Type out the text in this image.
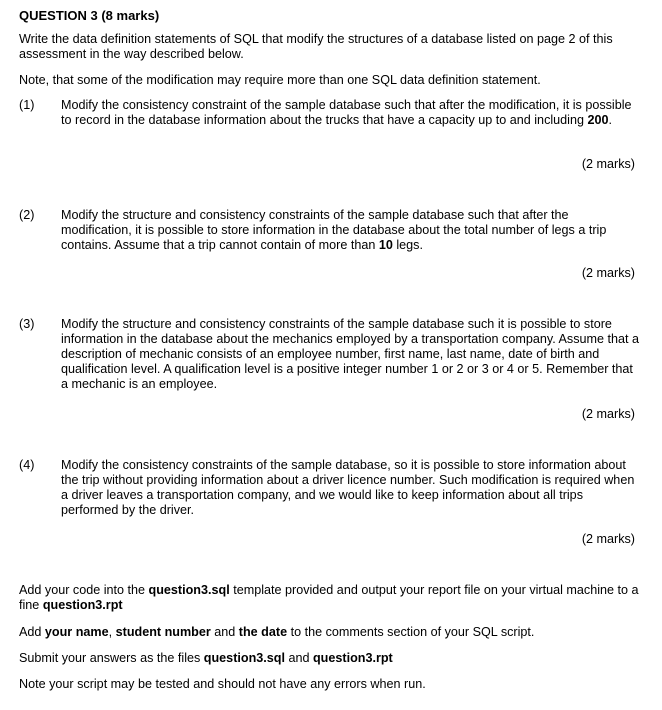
QUESTION 3 (8 marks)
Write the data definition statements of SQL that modify the structures of a database listed on page 2 of this assessment in the way described below.
Note, that some of the modification may require more than one SQL data definition statement.
(1) Modify the consistency constraint of the sample database such that after the modification, it is possible to record in the database information about the trucks that have a capacity up to and including 200.
(2 marks)
(2) Modify the structure and consistency constraints of the sample database such that after the modification, it is possible to store information in the database about the total number of legs a trip contains. Assume that a trip cannot contain of more than 10 legs.
(2 marks)
(3) Modify the structure and consistency constraints of the sample database such it is possible to store information in the database about the mechanics employed by a transportation company. Assume that a description of mechanic consists of an employee number, first name, last name, date of birth and qualification level. A qualification level is a positive integer number 1 or 2 or 3 or 4 or 5. Remember that a mechanic is an employee.
(2 marks)
(4) Modify the consistency constraints of the sample database, so it is possible to store information about the trip without providing information about a driver licence number. Such modification is required when a driver leaves a transportation company, and we would like to keep information about all trips performed by the driver.
(2 marks)
Add your code into the question3.sql template provided and output your report file on your virtual machine to a fine question3.rpt
Add your name, student number and the date to the comments section of your SQL script.
Submit your answers as the files question3.sql and question3.rpt
Note your script may be tested and should not have any errors when run.
